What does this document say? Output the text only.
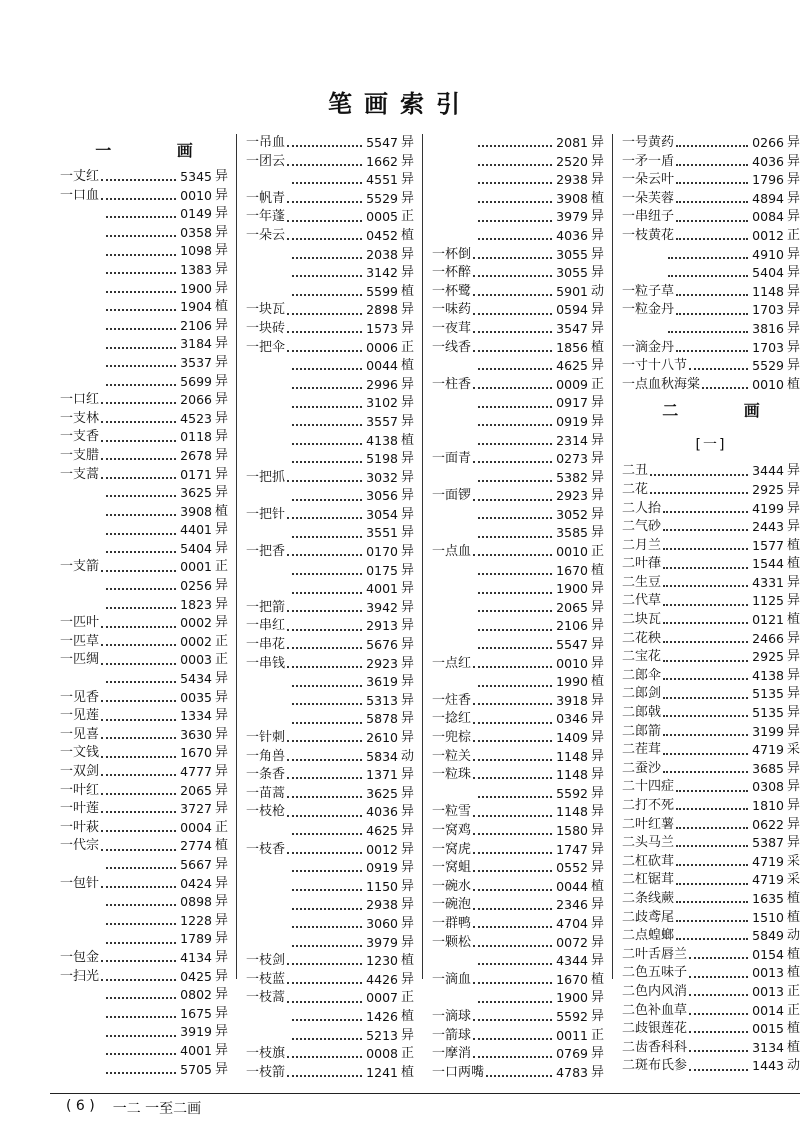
笔画索引
一 画
一丈红	5345 异
一口血	0010 异
0149 异
0358 异
1098 异
1383 异
1900 异
1904 植
2106 异
3184 异
3537 异
5699 异
一口红	2066 异
一支林	4523 异
一支香	0118 异
一支腊	2678 异
一支蒿	0171 异
3625 异
3908 植
4401 异
5404 异
一支箭	0001 正
0256 异
1823 异
一匹叶	0002 异
一匹草	0002 正
一匹绸	0003 正
5434 异
一见香	0035 异
一见莲	1334 异
一见喜	3630 异
一文钱	1670 异
一双剑	4777 异
一叶红	2065 异
一叶莲	3727 异
一叶萩	0004 正
一代宗	2774 植
5667 异
一包针	0424 异
0898 异
1228 异
1789 异
一包金	4134 异
一扫光	0425 异
0802 异
1675 异
3919 异
4001 异
5705 异
一吊血	5547 异
一团云	1662 异
4551 异
一帆青	5529 异
一年蓬	0005 正
一朵云	0452 植
2038 异
3142 异
5599 植
一块瓦	2898 异
一块砖	1573 异
一把伞	0006 正
0044 植
2996 异
3102 异
3557 异
4138 植
5198 异
一把抓	3032 异
3056 异
一把针	3054 异
3551 异
一把香	0170 异
0175 异
4001 异
一把箭	3942 异
一串红	2913 异
一串花	5676 异
一串钱	2923 异
3619 异
5313 异
5878 异
一针刺	2610 异
一角兽	5834 动
一条香	1371 异
一苗蒿	3625 异
一枝枪	4036 异
4625 异
一枝香	0012 异
0919 异
1150 异
2938 异
3060 异
3979 异
一枝剑	1230 植
一枝蓝	4426 异
一枝蒿	0007 正
1426 植
5213 异
一枝旗	0008 正
一枝箭	1241 植
2081 异
2520 异
2938 异
3908 植
3979 异
4036 异
一杯倒	3055 异
一杯醉	3055 异
一杯鹭	5901 动
一味药	0594 异
一夜茸	3547 异
一线香	1856 植
4625 异
一柱香	0009 正
0917 异
0919 异
2314 异
一面青	0273 异
5382 异
一面锣	2923 异
3052 异
3585 异
一点血	0010 正
1670 植
1900 异
2065 异
2106 异
5547 异
一点红	0010 异
1990 植
一炷香	3918 异
一捻红	0346 异
一兜棕	1409 异
一粒关	1148 异
一粒珠	1148 异
5592 异
一粒雪	1148 异
一窝鸡	1580 异
一窝虎	1747 异
一窝蛆	0552 异
一碗水	0044 植
一碗泡	2346 异
一群鸭	4704 异
一颗松	0072 异
4344 异
一滴血	1670 植
1900 异
一滴球	5592 异
一箭球	0011 正
一摩消	0769 异
一口两嘴	4783 异
一号黄药	0266 异
一矛一盾	4036 异
一朵云叶	1796 异
一朵芙蓉	4894 异
一串纽子	0084 异
一枝黄花	0012 正
4910 异
5404 异
一粒子草	1148 异
一粒金丹	1703 异
3816 异
一滴金丹	1703 异
一寸十八节	5529 异
一点血秋海棠	0010 植
二 画
[一]
二丑	3444 异
二花	2925 异
二人抬	4199 异
二气砂	2443 异
二月兰	1577 植
二叶葎	1544 植
二生豆	4331 异
二代草	1125 异
二块瓦	0121 植
二花秧	2466 异
二宝花	2925 异
二郎伞	4138 异
二郎剑	5135 异
二郎戟	5135 异
二郎箭	3199 异
二茬茸	4719 采
二蚕沙	3685 异
二十四症	0308 异
二打不死	1810 异
二叶红薯	0622 异
二头马兰	5387 异
二杠砍茸	4719 采
二杠锯茸	4719 采
二条线蕨	1635 植
二歧鸢尾	1510 植
二点蝗螂	5849 动
二叶舌唇兰	0154 植
二色五味子	0013 植
二色内风消	0013 正
二色补血草	0014 正
二歧银莲花	0015 植
二齿香科科	3134 植
二斑布氏参	1443 动
( 6 ) 一二 一至二画
